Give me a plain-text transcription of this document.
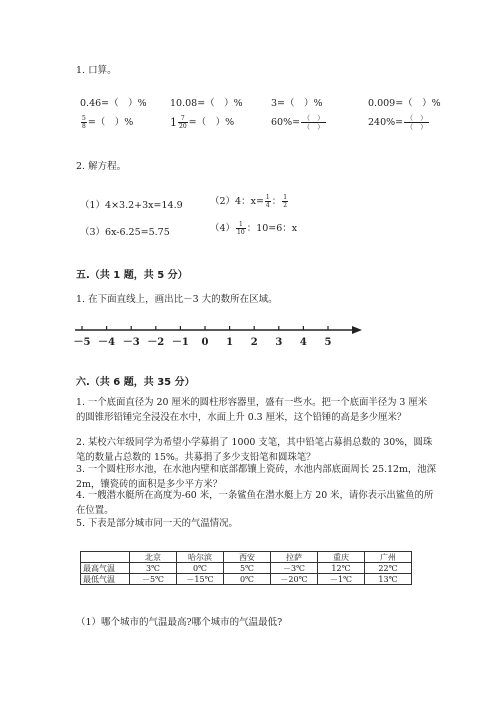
1. 口算。
0.46=（　）% 10.08=（　）%	3=（　）%	0.009=（　）%
$\frac{5}{8}$ =（　）%	$1 \frac{7}{20}$ =（　）%	$60\%= \frac{( )}{( )}$	$240\%= \frac{( )}{( )}$
2. 解方程。
（1）4×3.2+3x=14.9	（2）4：$x= \frac{1}{4}$ ： $\frac{1}{2}$
（3）6x-6.25=5.75	$(4) \frac{1}{10}$ ：10=6：x
五.（共 1 题，共 5 分）
1. 在下面直线上，画出比－3 大的数所在区域。
－5 －4 －3 －2 －1 0 1 2 3 4 5
六.（共 6 题，共 35 分）
1. 一个底面直径为 20 厘米的圆柱形容器里，盛有一些水。把一个底面半径为 3 厘米的圆锥形铅锤完全浸没在水中，水面上升 0.3 厘米，这个铅锤的高是多少厘米？
2. 某校六年级同学为希望小学募捐了 1000 支笔，其中铅笔占募捐总数的 30%，圆珠笔的数量占总数的 15%。共募捐了多少支铅笔和圆珠笔？
3. 一个圆柱形水池，在水池内壁和底部都镶上瓷砖，水池内部底面周长 25.12m，池深 2m，镶瓷砖的面积是多少平方米？
4. 一艘潜水艇所在高度为-60 米，一条鲨鱼在潜水艇上方 20 米，请你表示出鲨鱼的所在位置。
5. 下表是部分城市同一天的气温情况。
	北京	哈尔滨	西安	拉萨	重庆	广州
最高气温	3℃	0℃	5℃	－3℃	12℃	22℃
最低气温	－5℃	－15℃	0℃	－20℃	－1℃	13℃
（1）哪个城市的气温最高?哪个城市的气温最低?
